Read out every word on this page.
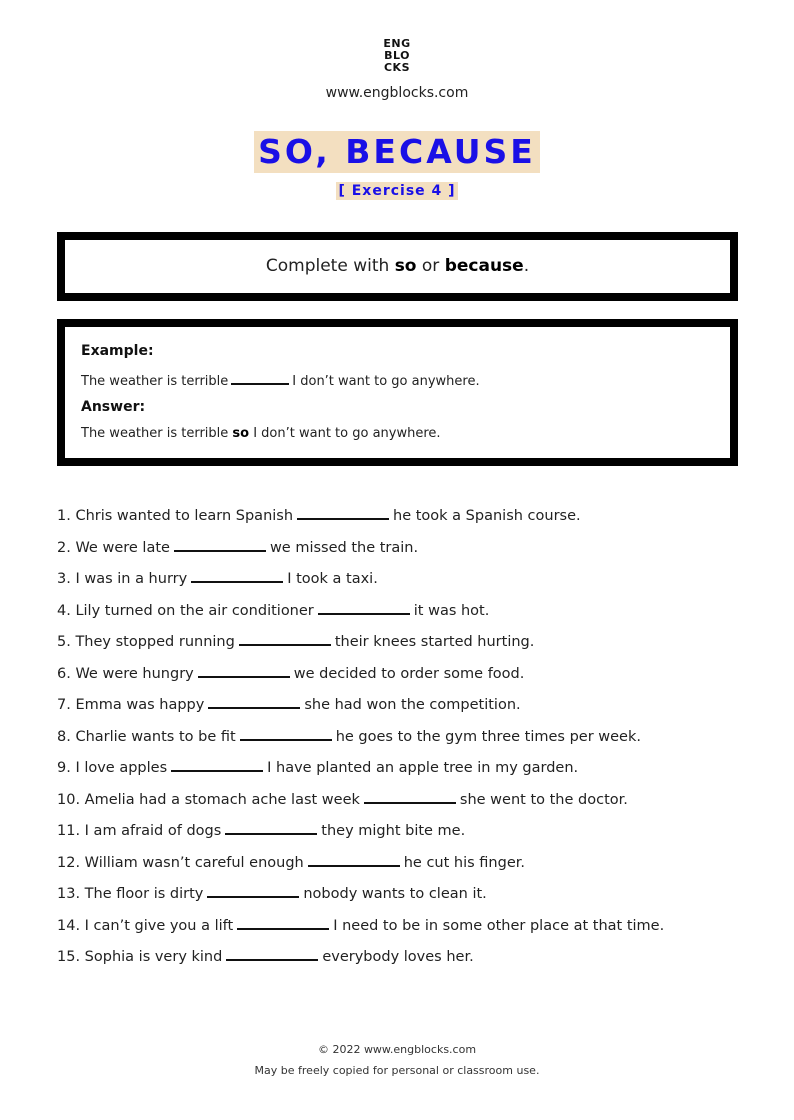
ENG
BLO
CKS
www.engblocks.com
SO, BECAUSE
[ Exercise 4 ]
Complete with so or because.
Example:
The weather is terrible	I don’t want to go anywhere.
Answer:
The weather is terrible so I don’t want to go anywhere.
1. Chris wanted to learn Spanish	he took a Spanish course.
2. We were late	we missed the train.
3. I was in a hurry	I took a taxi.
4. Lily turned on the air conditioner	it was hot.
5. They stopped running	their knees started hurting.
6. We were hungry	we decided to order some food.
7. Emma was happy	she had won the competition.
8. Charlie wants to be fit	he goes to the gym three times per week.
9. I love apples	I have planted an apple tree in my garden.
10. Amelia had a stomach ache last week	she went to the doctor.
11. I am afraid of dogs	they might bite me.
12. William wasn’t careful enough	he cut his finger.
13. The floor is dirty	nobody wants to clean it.
14. I can’t give you a lift	I need to be in some other place at that time.
15. Sophia is very kind	everybody loves her.
© 2022 www.engblocks.com
May be freely copied for personal or classroom use.
